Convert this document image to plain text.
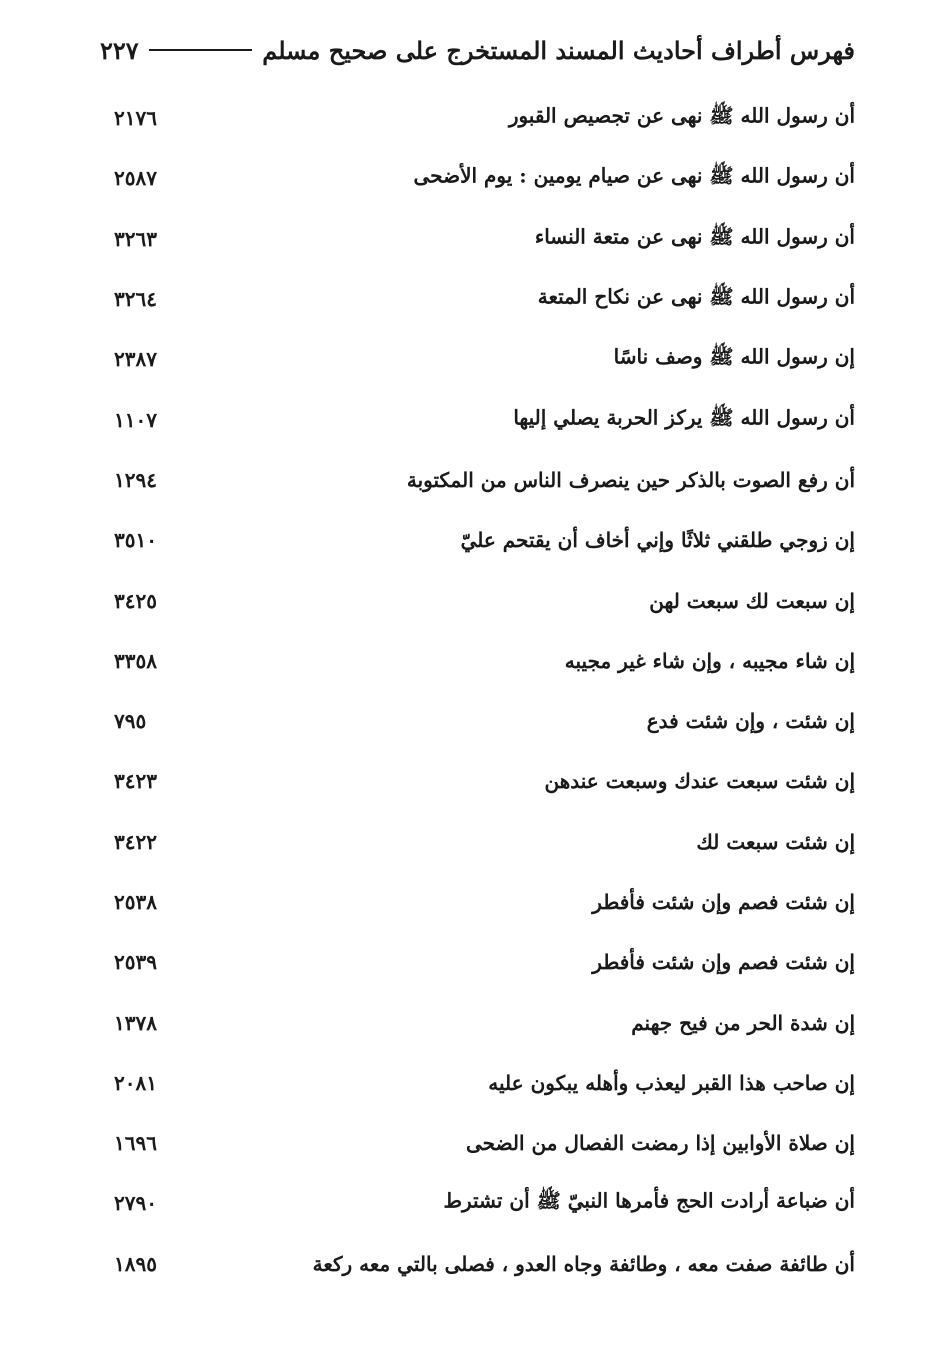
فهرس أطراف أحاديث المسند المستخرج على صحيح مسلم
٢٢٧
أن رسول الله ﷺ نهى عن تجصيص القبور
٢١٧٦
أن رسول الله ﷺ نهى عن صيام يومين : يوم الأضحى
٢٥٨٧
أن رسول الله ﷺ نهى عن متعة النساء
٣٢٦٣
أن رسول الله ﷺ نهى عن نكاح المتعة
٣٢٦٤
إن رسول الله ﷺ وصف ناسًا
٢٣٨٧
أن رسول الله ﷺ يركز الحربة يصلي إليها
١١٠٧
أن رفع الصوت بالذكر حين ينصرف الناس من المكتوبة
١٢٩٤
إن زوجي طلقني ثلاثًا وإني أخاف أن يقتحم عليّ
٣٥١٠
إن سبعت لك سبعت لهن
٣٤٢٥
إن شاء مجيبه ، وإن شاء غير مجيبه
٣٣٥٨
إن شئت ، وإن شئت فدع
٧٩٥
إن شئت سبعت عندك وسبعت عندهن
٣٤٢٣
إن شئت سبعت لك
٣٤٢٢
إن شئت فصم وإن شئت فأفطر
٢٥٣٨
إن شئت فصم وإن شئت فأفطر
٢٥٣٩
إن شدة الحر من فيح جهنم
١٣٧٨
إن صاحب هذا القبر ليعذب وأهله يبكون عليه
٢٠٨١
إن صلاة الأوابين إذا رمضت الفصال من الضحى
١٦٩٦
أن ضباعة أرادت الحج فأمرها النبيّ ﷺ أن تشترط
٢٧٩٠
أن طائفة صفت معه ، وطائفة وجاه العدو ، فصلى بالتي معه ركعة
١٨٩٥
